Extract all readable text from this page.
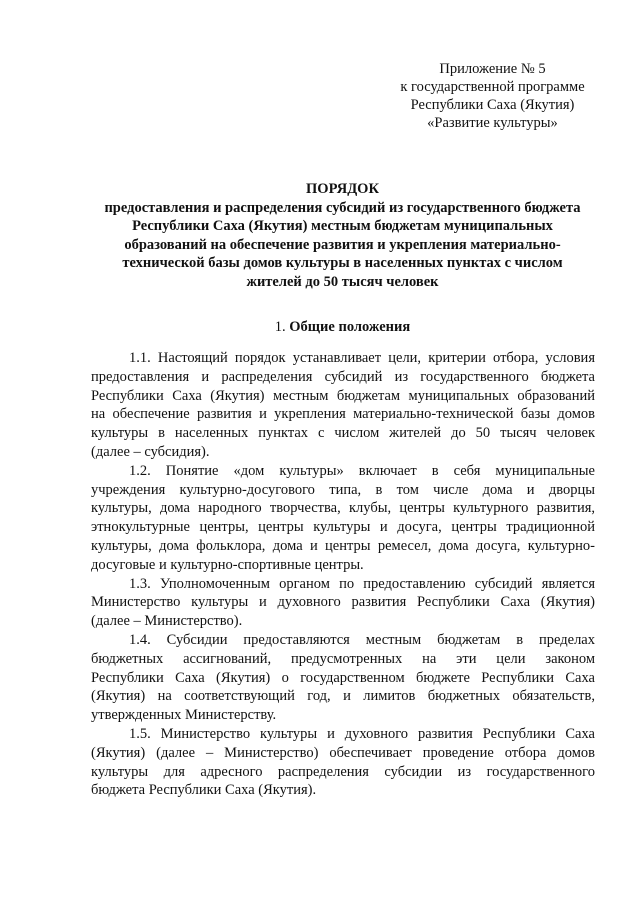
Приложение № 5
к государственной программе
Республики Саха (Якутия)
«Развитие культуры»
ПОРЯДОК
предоставления и распределения субсидий из государственного бюджета
Республики Саха (Якутия) местным бюджетам муниципальных
образований на обеспечение развития и укрепления материально-
технической базы домов культуры в населенных пунктах с числом
жителей до 50 тысяч человек
1. Общие положения
1.1. Настоящий порядок устанавливает цели, критерии отбора, условия
предоставления и распределения субсидий из государственного бюджета
Республики Саха (Якутия) местным бюджетам муниципальных образований
на обеспечение развития и укрепления материально-технической базы домов
культуры в населенных пунктах с числом жителей до 50 тысяч человек
(далее – субсидия).
1.2. Понятие «дом культуры» включает в себя муниципальные
учреждения культурно-досугового типа, в том числе дома и дворцы
культуры, дома народного творчества, клубы, центры культурного развития,
этнокультурные центры, центры культуры и досуга, центры традиционной
культуры, дома фольклора, дома и центры ремесел, дома досуга, культурно-
досуговые и культурно-спортивные центры.
1.3. Уполномоченным органом по предоставлению субсидий является
Министерство культуры и духовного развития Республики Саха (Якутия)
(далее – Министерство).
1.4. Субсидии предоставляются местным бюджетам в пределах
бюджетных ассигнований, предусмотренных на эти цели законом
Республики Саха (Якутия) о государственном бюджете Республики Саха
(Якутия) на соответствующий год, и лимитов бюджетных обязательств,
утвержденных Министерству.
1.5. Министерство культуры и духовного развития Республики Саха
(Якутия) (далее – Министерство) обеспечивает проведение отбора домов
культуры для адресного распределения субсидии из государственного
бюджета Республики Саха (Якутия).
